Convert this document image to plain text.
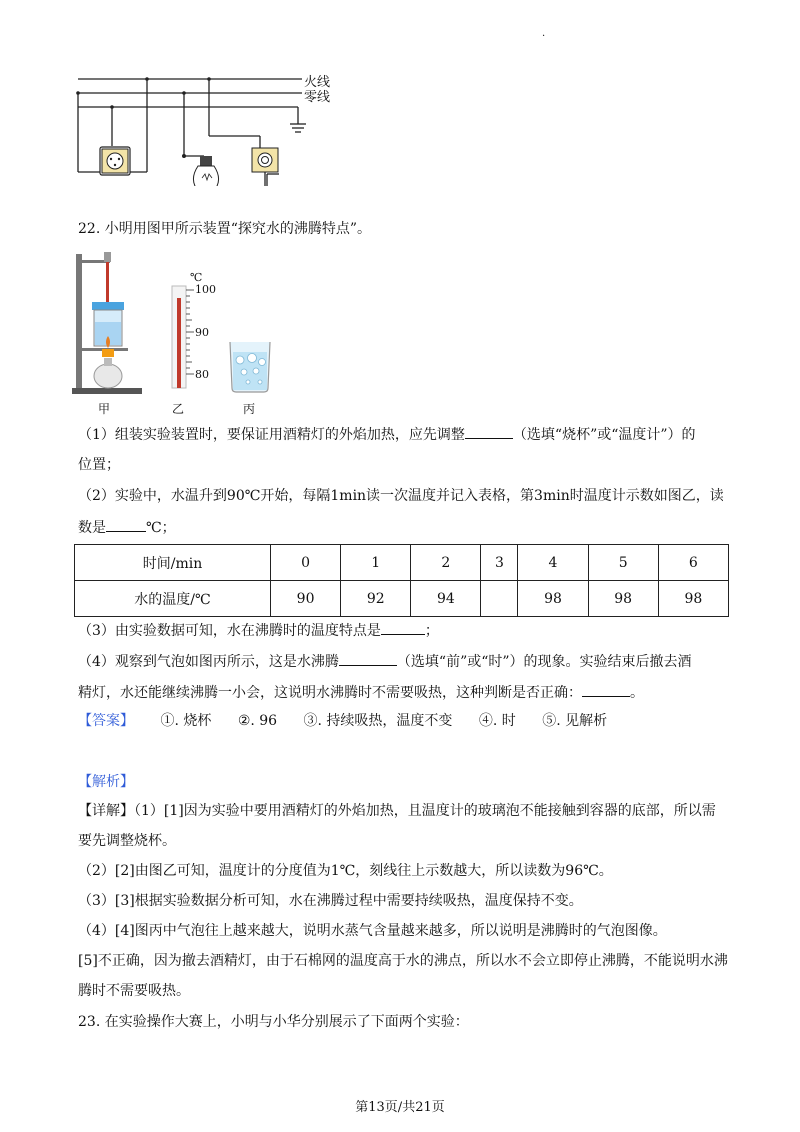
.
火线
零线
22. 小明用图甲所示装置“探究水的沸腾特点”。
℃
100
90
80
甲	乙	丙
（1）组装实验装置时，要保证用酒精灯的外焰加热，应先调整	（选填“烧杯”或“温度计”）的
位置；
（2）实验中，水温升到90℃开始，每隔1min读一次温度并记入表格，第3min时温度计示数如图乙，读
数是	℃；
时间/min	0	1	2	3	4	5	6
水的温度/℃	90	92	94		98	98	98
（3）由实验数据可知，水在沸腾时的温度特点是	；
（4）观察到气泡如图丙所示，这是水沸腾	（选填“前”或“时”）的现象。实验结束后撤去酒
精灯，水还能继续沸腾一小会，这说明水沸腾时不需要吸热，这种判断是否正确：	。
【答案】 ①. 烧杯 ②. 96 ③. 持续吸热，温度不变 ④. 时 ⑤. 见解析
【解析】
【详解】（1）[1]因为实验中要用酒精灯的外焰加热，且温度计的玻璃泡不能接触到容器的底部，所以需
要先调整烧杯。
（2）[2]由图乙可知，温度计的分度值为1℃，刻线往上示数越大，所以读数为96℃。
（3）[3]根据实验数据分析可知，水在沸腾过程中需要持续吸热，温度保持不变。
（4）[4]图丙中气泡往上越来越大，说明水蒸气含量越来越多，所以说明是沸腾时的气泡图像。
[5]不正确，因为撤去酒精灯，由于石棉网的温度高于水的沸点，所以水不会立即停止沸腾，不能说明水沸
腾时不需要吸热。
23. 在实验操作大赛上，小明与小华分别展示了下面两个实验：
第13页/共21页
